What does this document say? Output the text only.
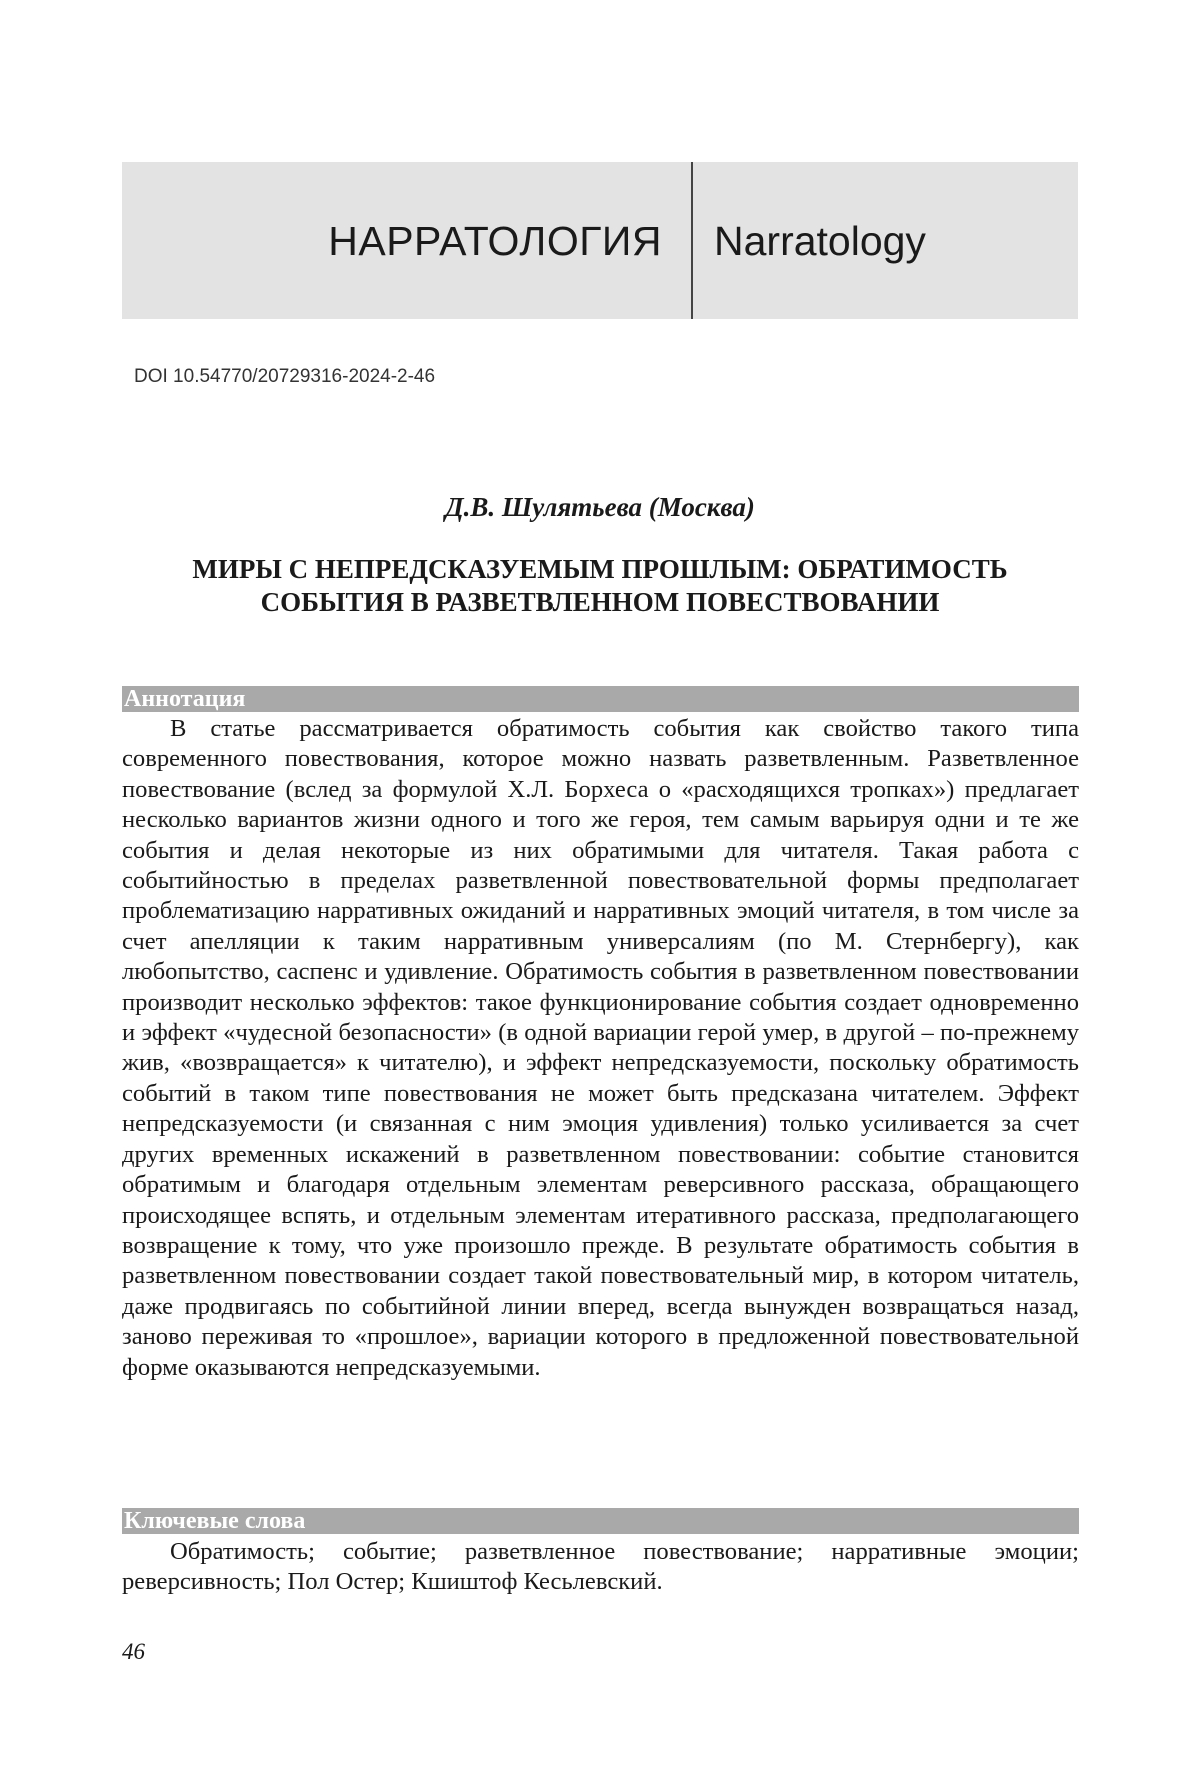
НАРРАТОЛОГИЯ Narratology
DOI 10.54770/20729316-2024-2-46
Д.В. Шулятьева (Москва)
МИРЫ С НЕПРЕДСКАЗУЕМЫМ ПРОШЛЫМ: ОБРАТИМОСТЬ СОБЫТИЯ В РАЗВЕТВЛЕННОМ ПОВЕСТВОВАНИИ
Аннотация

В статье рассматривается обратимость события как свойство такого типа современного повествования, которое можно назвать разветвленным. Разветвленное повествование (вслед за формулой Х.Л. Борхеса о «расходящихся тропках») предлагает несколько вариантов жизни одного и того же героя, тем самым варьируя одни и те же события и делая некоторые из них обратимыми для читателя. Такая работа с событийностью в пределах разветвленной повествовательной формы предполагает проблематизацию нарративных ожиданий и нарративных эмоций читателя, в том числе за счет апелляции к таким нарративным универсалиям (по М. Стернбергу), как любопытство, саспенс и удивление. Обратимость события в разветвленном повествовании производит несколько эффектов: такое функционирование события создает одновременно и эффект «чудесной безопасности» (в одной вариации герой умер, в другой – по-прежнему жив, «возвращается» к читателю), и эффект непредсказуемости, поскольку обратимость событий в таком типе повествования не может быть предсказана читателем. Эффект непредсказуемости (и связанная с ним эмоция удивления) только усиливается за счет других временных искажений в разветвленном повествовании: событие становится обратимым и благодаря отдельным элементам реверсивного рассказа, обращающего происходящее вспять, и отдельным элементам итеративного рассказа, предполагающего возвращение к тому, что уже произошло прежде. В результате обратимость события в разветвленном повествовании создает такой повествовательный мир, в котором читатель, даже продвигаясь по событийной линии вперед, всегда вынужден возвращаться назад, заново переживая то «прошлое», вариации которого в предложенной повествовательной форме оказываются непредсказуемыми.

Ключевые слова

Обратимость; событие; разветвленное повествование; нарративные эмоции; реверсивность; Пол Остер; Кшиштоф Кесьлевский.

46
